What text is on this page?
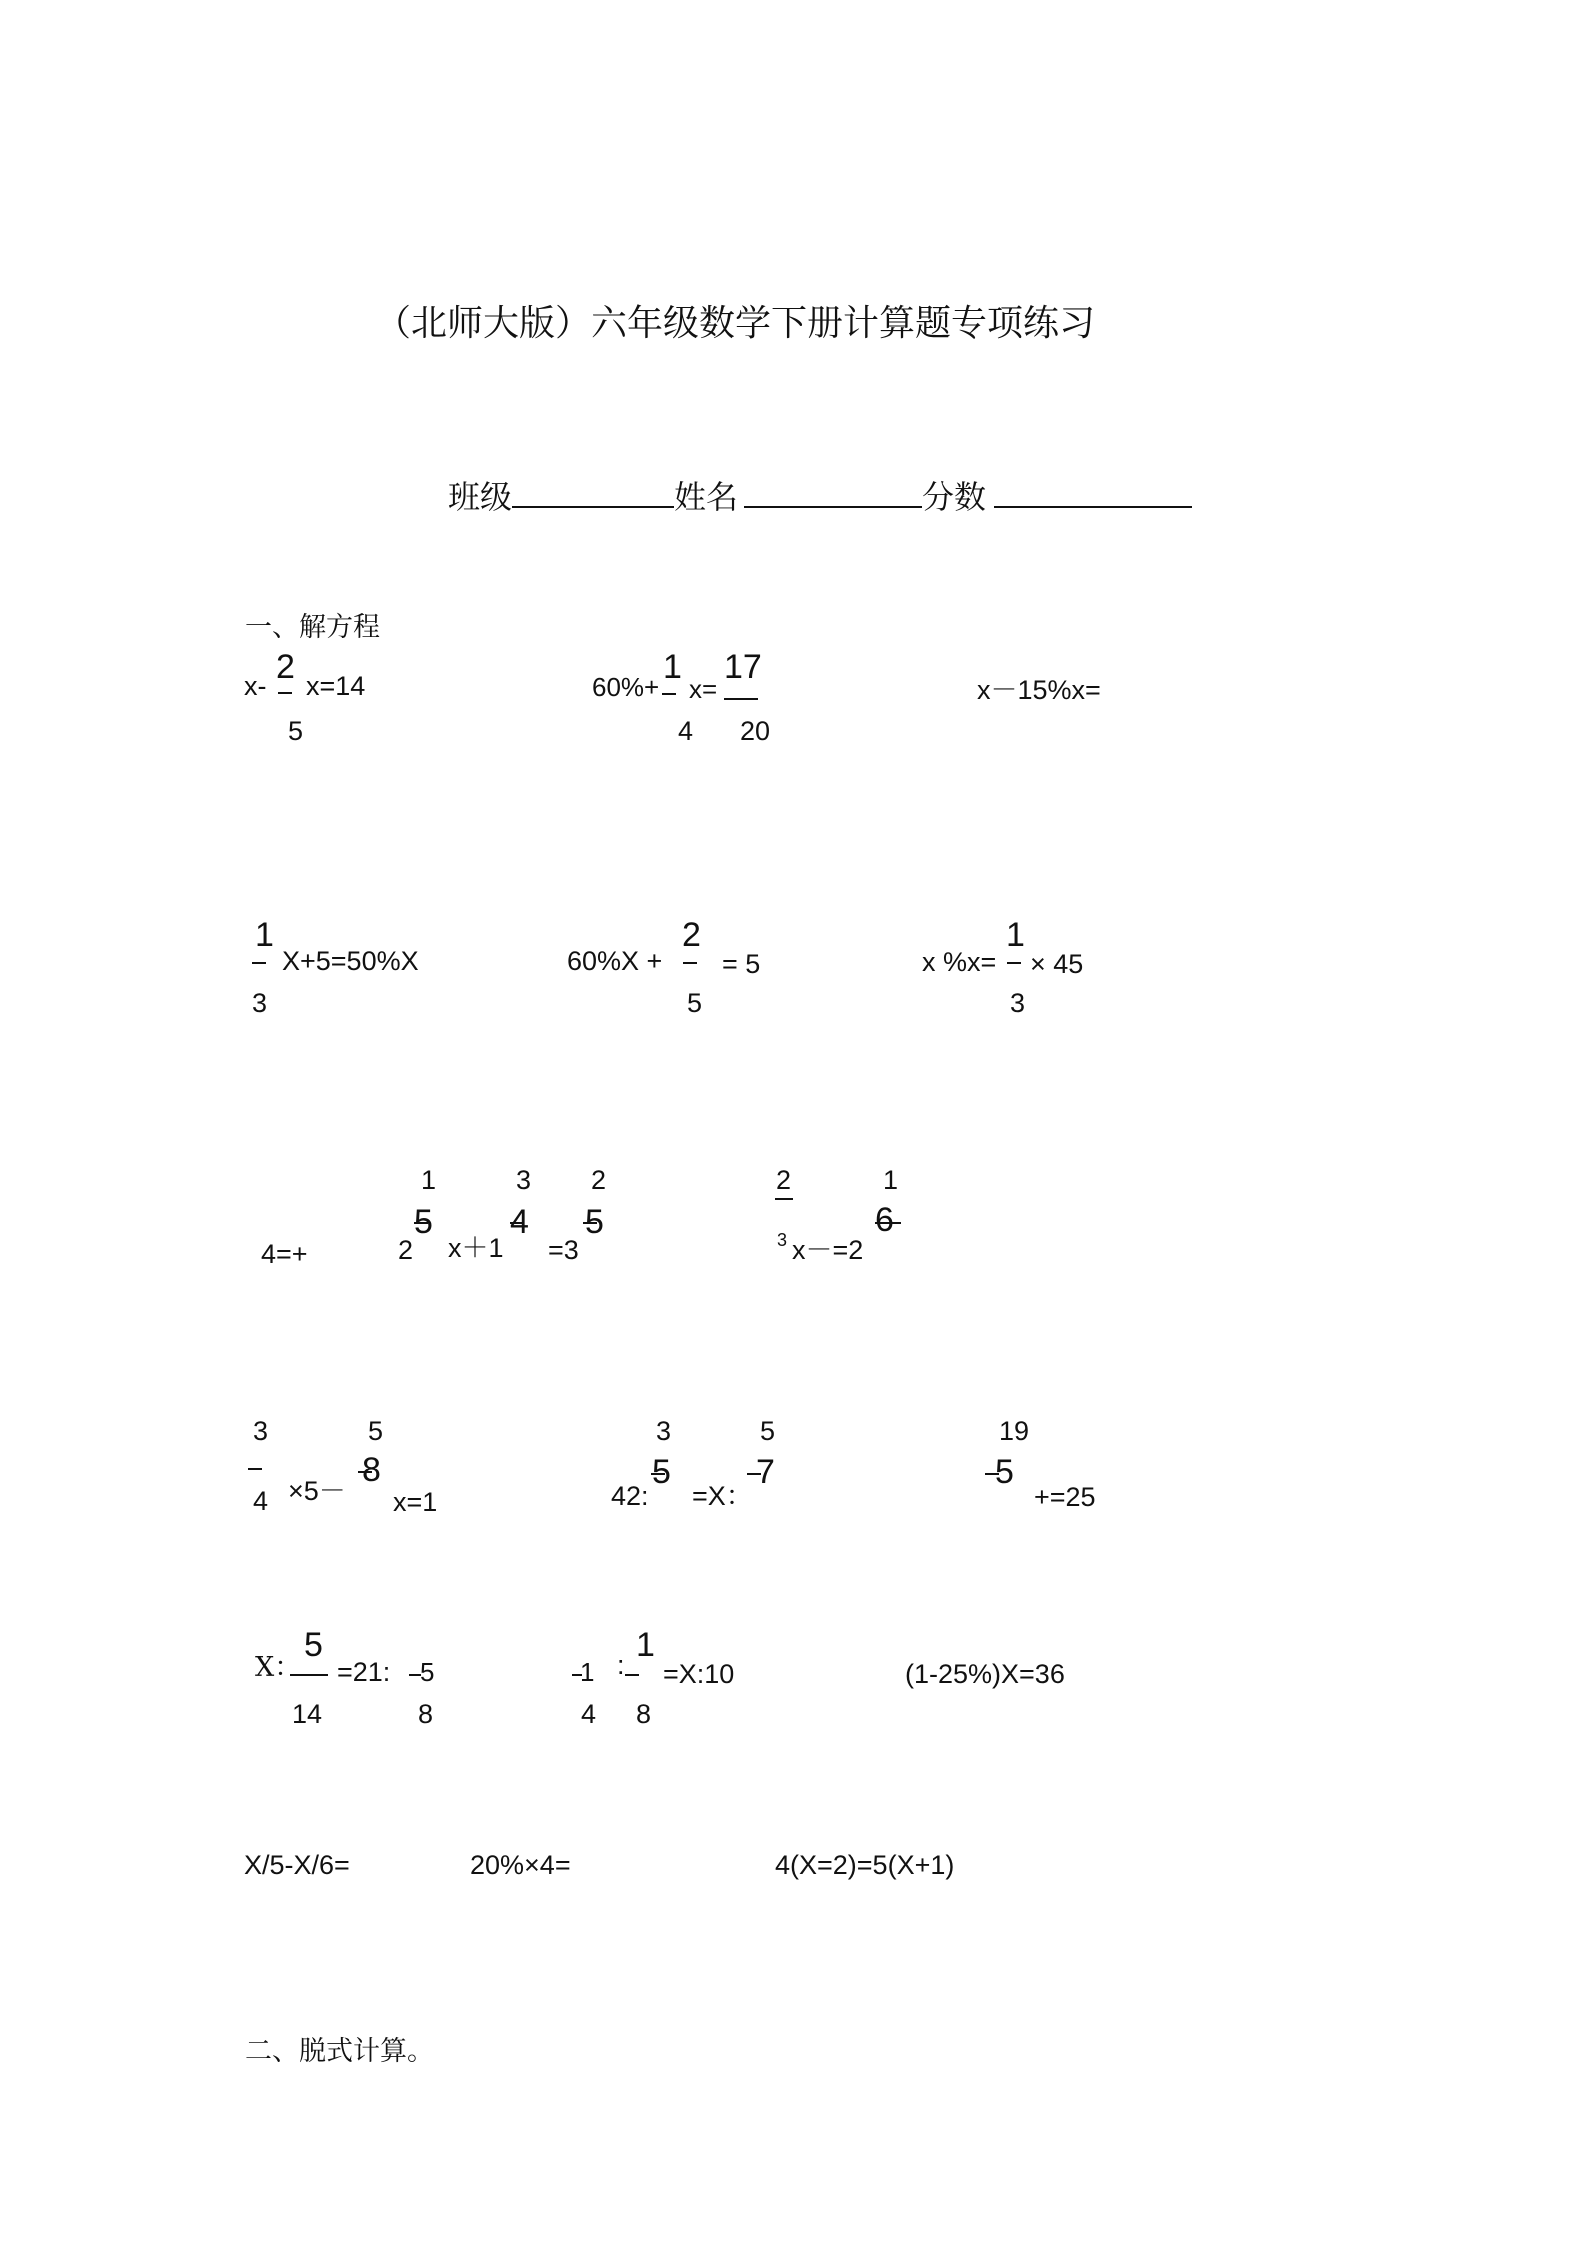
（北师大版）六年级数学下册计算题专项练习
班级	姓名	分数
一、解方程
x- 2
5
x=14	60%+
1
4
x=
17
20
x－15%x=
1
3
X+5=50%X	60%X +
2
5
= 5	x %x=
1
3
× 45
4=+
1	3 2
5 4 5
2 x＋1 =3
2	1
3 x－=2
6
3
4
5
×5－
8
x=1
3	5
42:
5
=X：
7
19
5
+=25
X：
5
14
=21: 5
8
1
4
:
1
8
=X:10	(1-25%)X=36
X/5-X/6=	20%×4=	4(X=2)=5(X+1)
二、脱式计算。
